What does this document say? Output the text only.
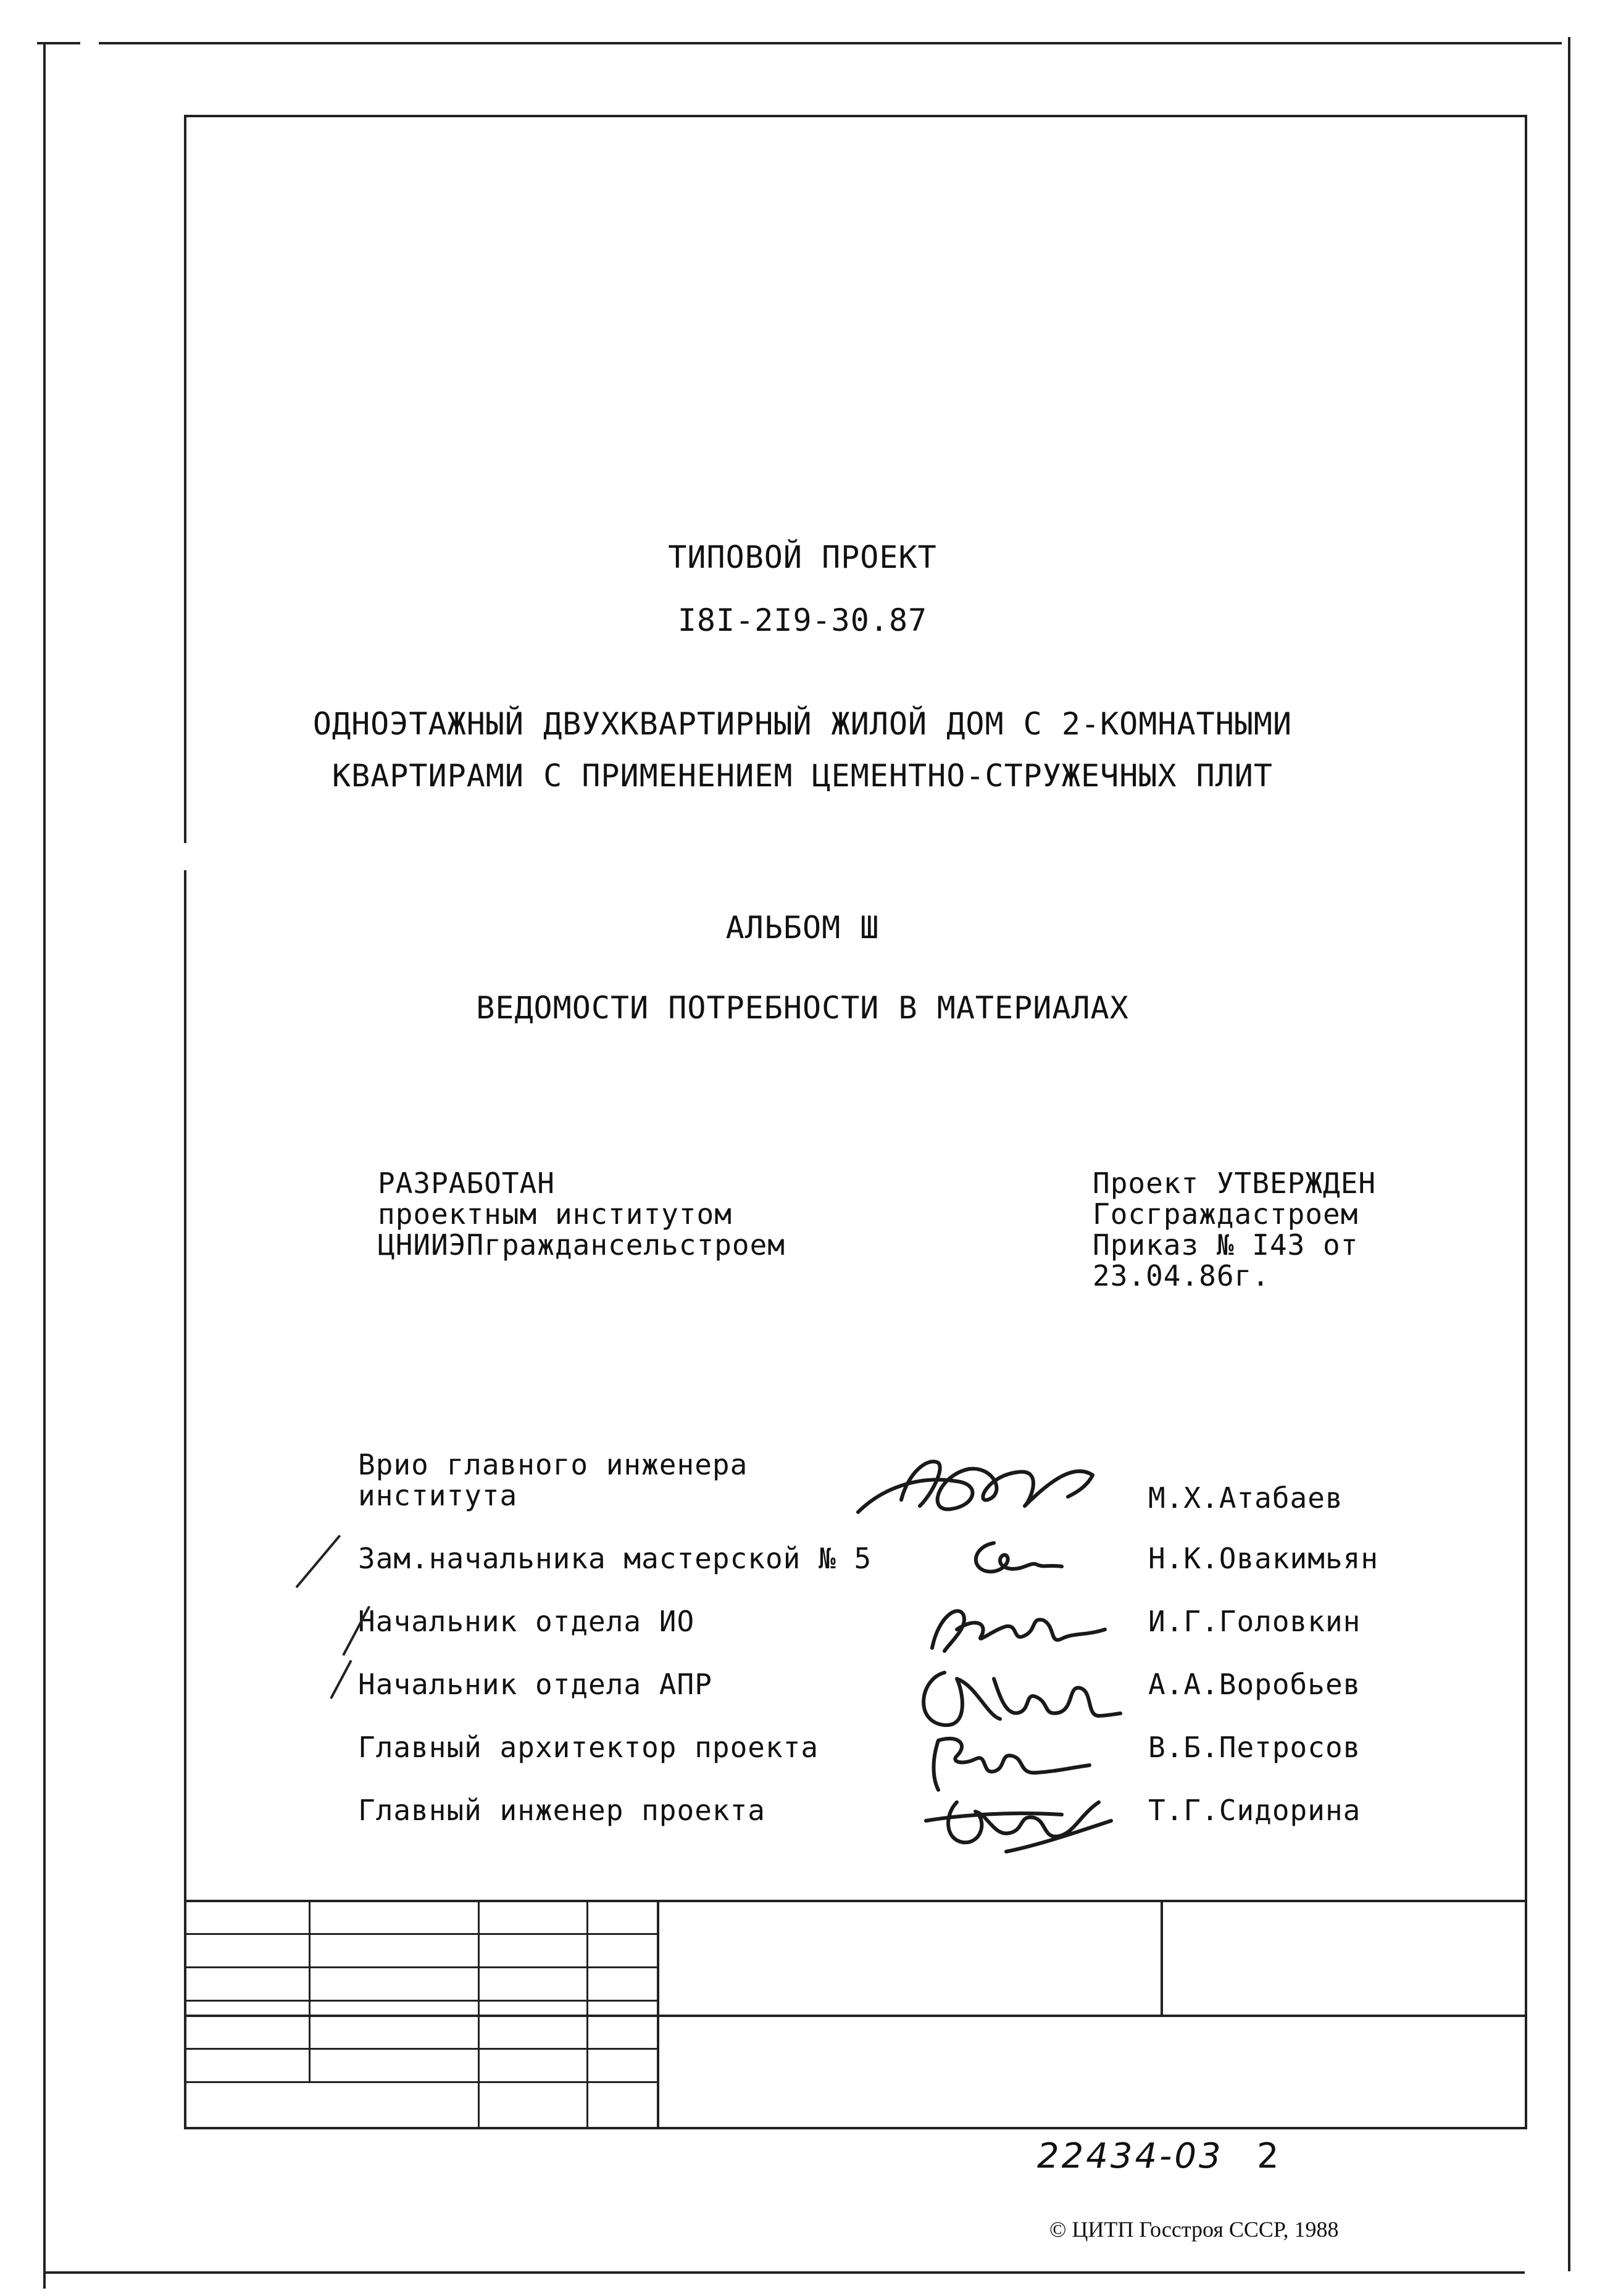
ТИПОВОЙ ПРОЕКТ
I8I-2I9-30.87
ОДНОЭТАЖНЫЙ ДВУХКВАРТИРНЫЙ ЖИЛОЙ ДОМ С 2-КОМНАТНЫМИ
КВАРТИРАМИ С ПРИМЕНЕНИЕМ ЦЕМЕНТНО-СТРУЖЕЧНЫХ ПЛИТ
АЛЬБОМ Ш
ВЕДОМОСТИ ПОТРЕБНОСТИ В МАТЕРИАЛАХ
РАЗРАБОТАН
проектным институтом
ЦНИИЭПграждансельстроем
Проект УТВЕРЖДЕН
Госграждастроем
Приказ № I43 от
23.04.86г.
Врио главного инженера
института	М.Х.Атабаев
Зам.начальника мастерской № 5	Н.К.Овакимьян
Начальник отдела ИО	И.Г.Головкин
Начальник отдела АПР	А.А.Воробьев
Главный архитектор проекта	В.Б.Петросов
Главный инженер проекта	Т.Г.Сидорина
22434-03 2
© ЦИТП Госстроя СССР, 1988
